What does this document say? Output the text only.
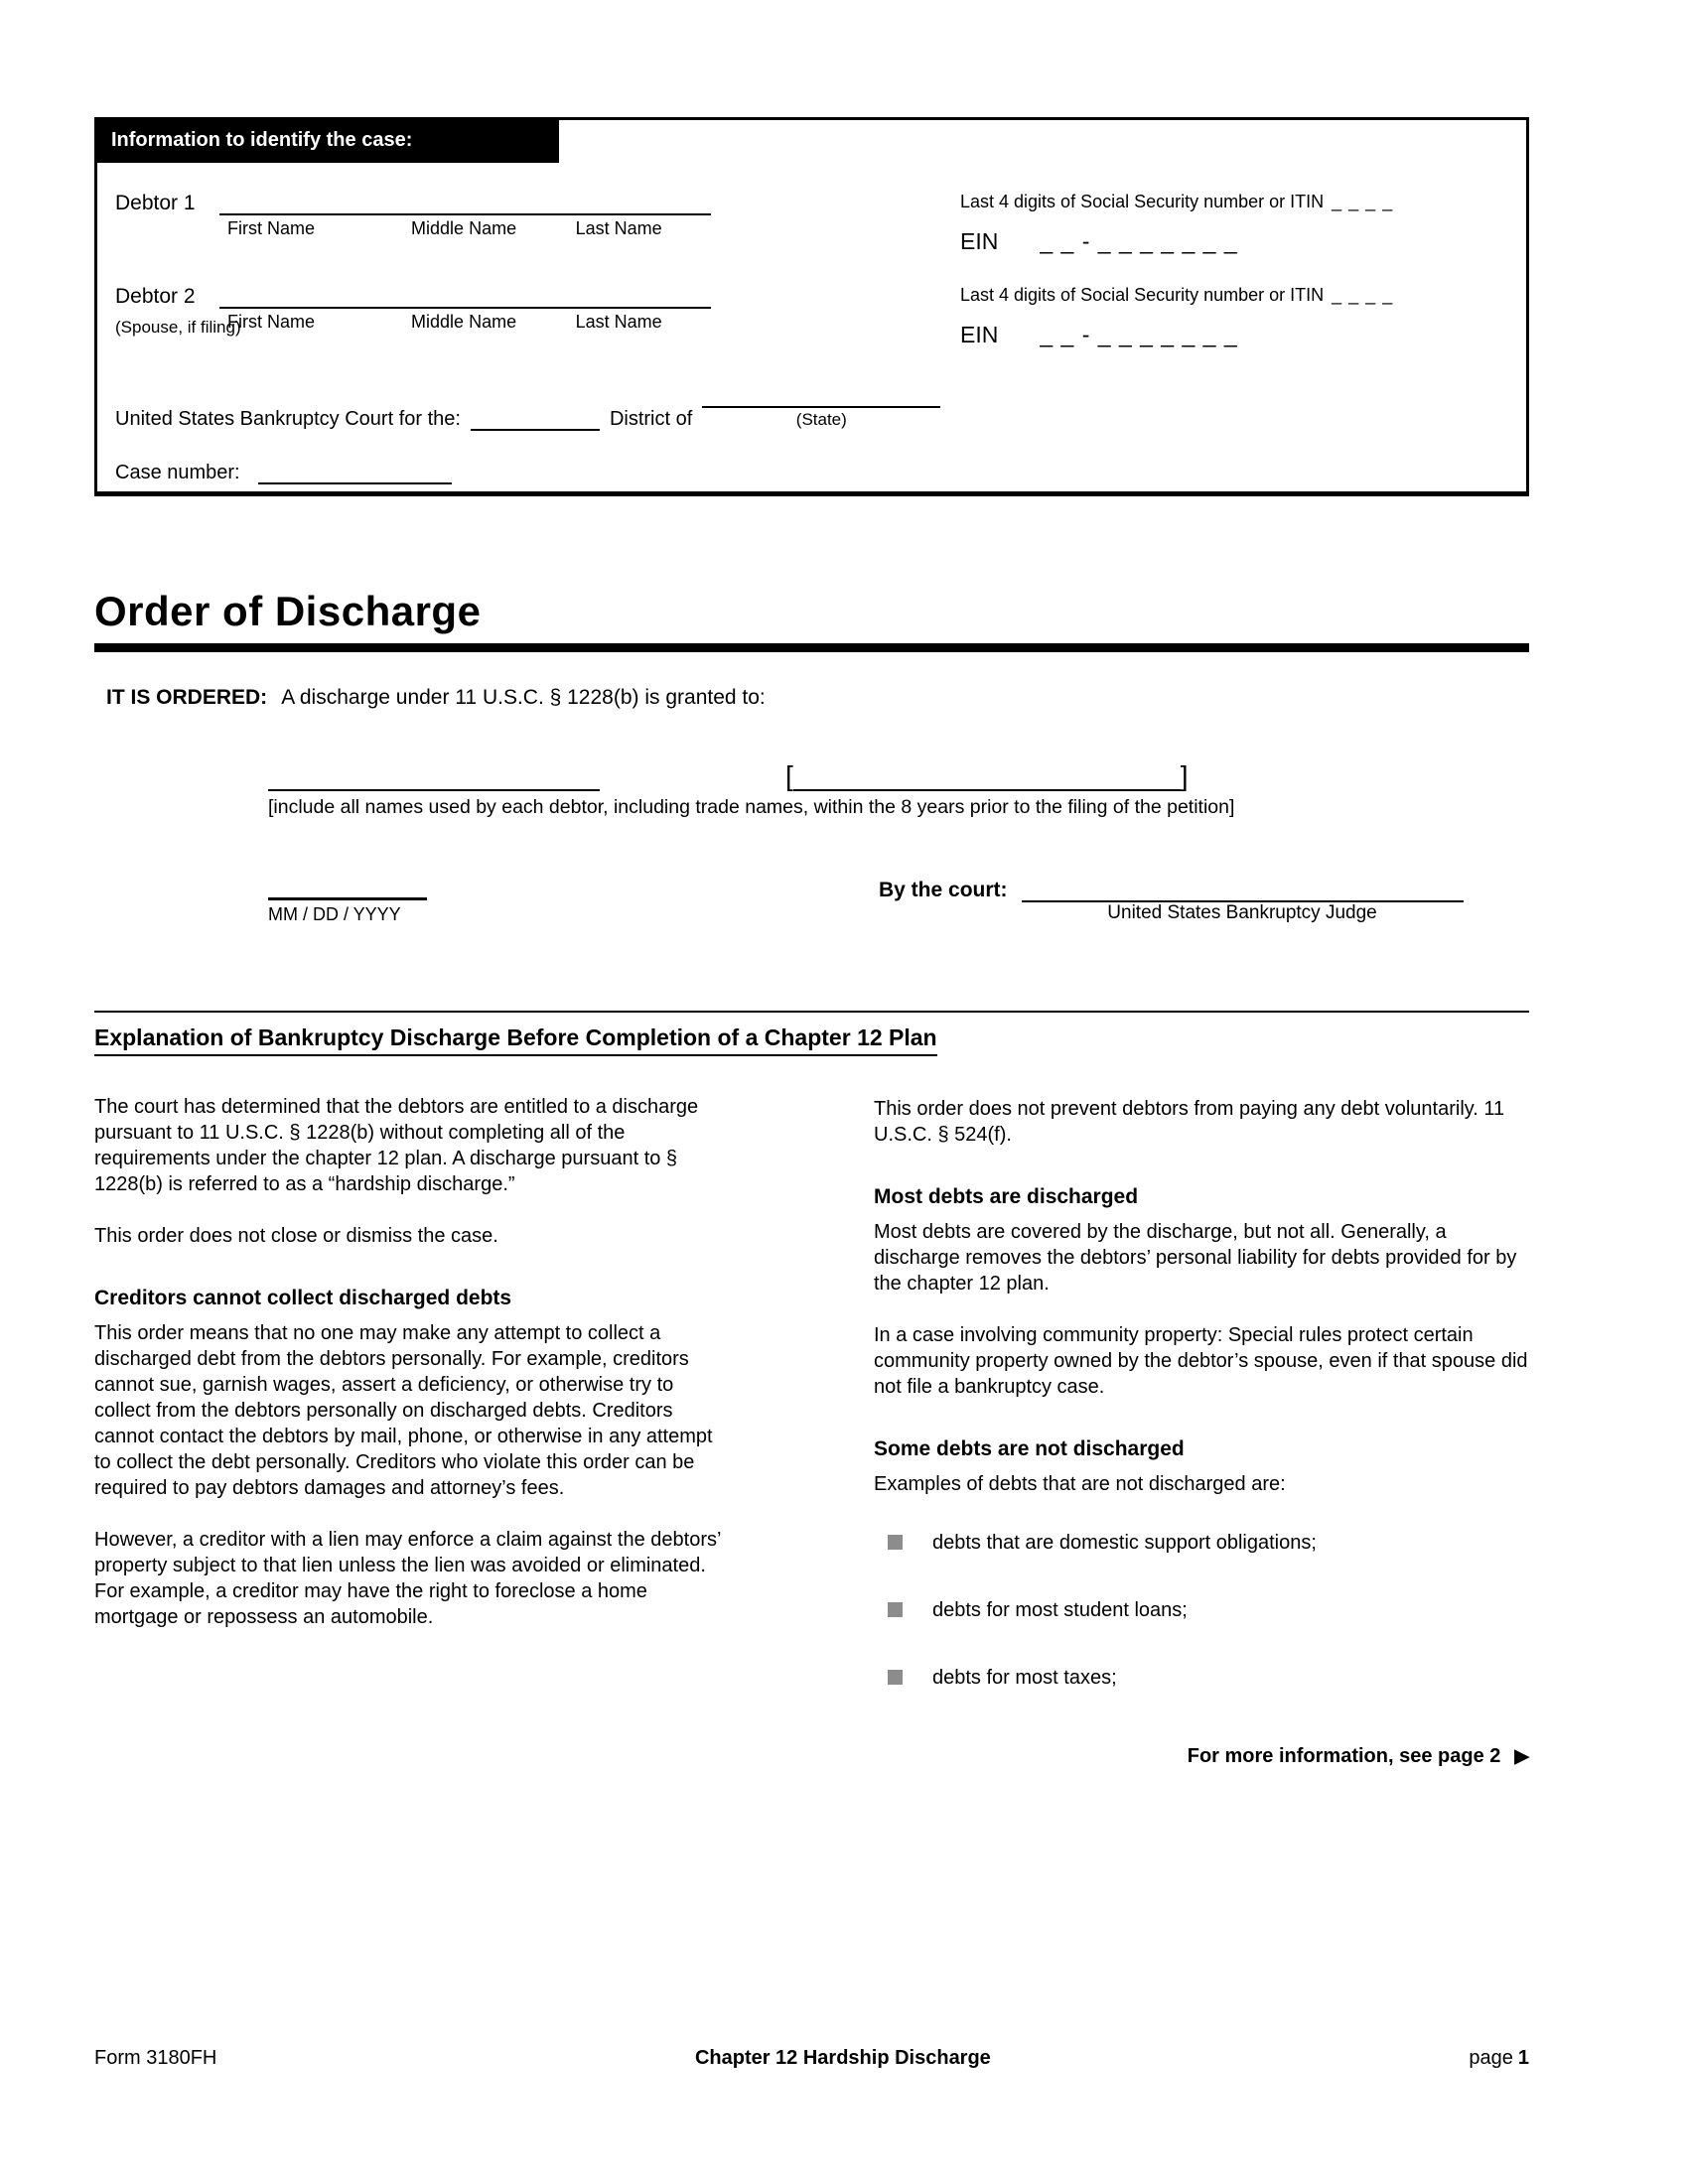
Information to identify the case:
Debtor 1
First Name	Middle Name	Last Name
Last 4 digits of Social Security number or ITIN _ _ _ _
EIN _ _ - _ _ _ _ _ _ _
Debtor 2
(Spouse, if filing)
First Name	Middle Name	Last Name
Last 4 digits of Social Security number or ITIN _ _ _ _
EIN _ _ - _ _ _ _ _ _ _
United States Bankruptcy Court for the:	District of	(State)
Case number:
Order of Discharge
IT IS ORDERED: A discharge under 11 U.S.C. § 1228(b) is granted to:
[	]
[include all names used by each debtor, including trade names, within the 8 years prior to the filing of the petition]
MM / DD / YYYY
By the court:
United States Bankruptcy Judge
Explanation of Bankruptcy Discharge Before Completion of a Chapter 12 Plan

The court has determined that the debtors are entitled to a discharge pursuant to 11 U.S.C. § 1228(b) without completing all of the requirements under the chapter 12 plan. A discharge pursuant to § 1228(b) is referred to as a “hardship discharge.”

This order does not close or dismiss the case.

Creditors cannot collect discharged debts

This order means that no one may make any attempt to collect a discharged debt from the debtors personally. For example, creditors cannot sue, garnish wages, assert a deficiency, or otherwise try to collect from the debtors personally on discharged debts. Creditors cannot contact the debtors by mail, phone, or otherwise in any attempt to collect the debt personally. Creditors who violate this order can be required to pay debtors damages and attorney’s fees.

However, a creditor with a lien may enforce a claim against the debtors’ property subject to that lien unless the lien was avoided or eliminated. For example, a creditor may have the right to foreclose a home mortgage or repossess an automobile.

This order does not prevent debtors from paying any debt voluntarily. 11 U.S.C. § 524(f).

Most debts are discharged

Most debts are covered by the discharge, but not all. Generally, a discharge removes the debtors’ personal liability for debts provided for by the chapter 12 plan.

In a case involving community property: Special rules protect certain community property owned by the debtor’s spouse, even if that spouse did not file a bankruptcy case.

Some debts are not discharged

Examples of debts that are not discharged are:

debts that are domestic support obligations;
debts for most student loans;
debts for most taxes;
For more information, see page 2 ▶
Form 3180FH	Chapter 12 Hardship Discharge	page 1
